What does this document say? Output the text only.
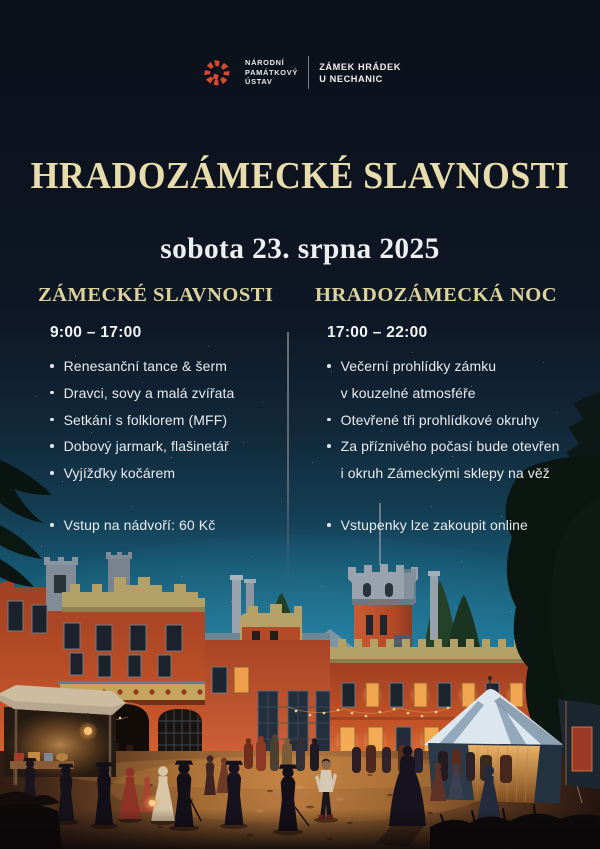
NÁRODNÍ
PAMÁTKOVÝ
ÚSTAV
ZÁMEK HRÁDEK
U NECHANIC
HRADOZÁMECKÉ SLAVNOSTI
sobota 23. srpna 2025
ZÁMECKÉ SLAVNOSTI
9:00 – 17:00
Renesanční tance & šerm
Dravci, sovy a malá zvířata
Setkání s folklorem (MFF)
Dobový jarmark, flašinetář
Vyjížďky kočárem
Vstup na nádvoří: 60 Kč
HRADOZÁMECKÁ NOC
17:00 – 22:00
Večerní prohlídky zámku
v kouzelné atmosféře
Otevřené tři prohlídkové okruhy
Za příznivého počasí bude otevřen
i okruh Zámeckými sklepy na věž
Vstupenky lze zakoupit online
